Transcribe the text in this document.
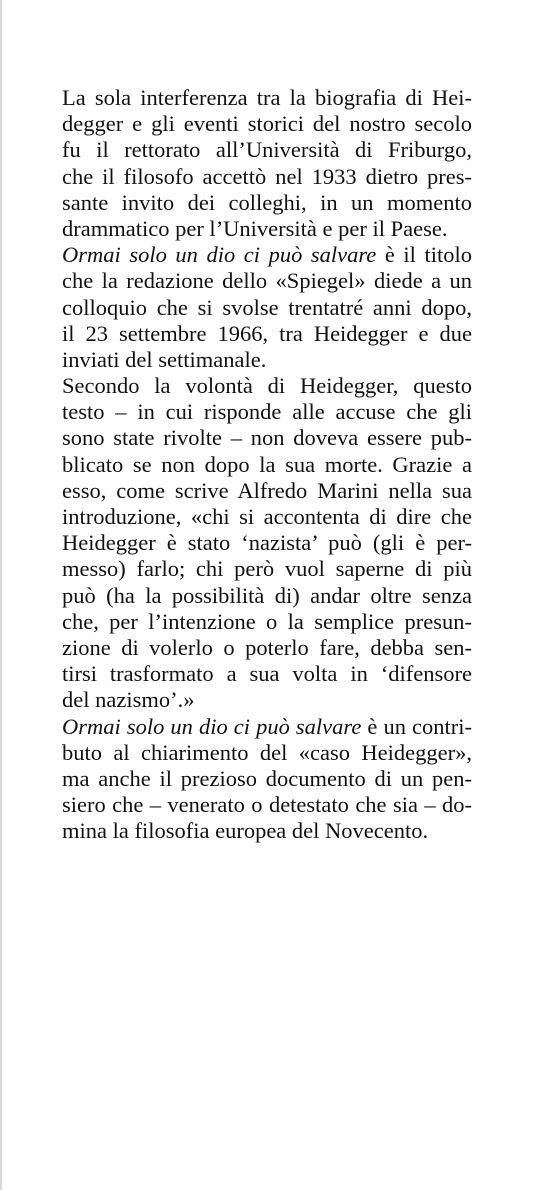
La sola interferenza tra la biografia di Hei-
degger e gli eventi storici del nostro secolo
fu il rettorato all’Università di Friburgo,
che il filosofo accettò nel 1933 dietro pres-
sante invito dei colleghi, in un momento
drammatico per l’Università e per il Paese.
Ormai solo un dio ci può salvare è il titolo
che la redazione dello «Spiegel» diede a un
colloquio che si svolse trentatré anni dopo,
il 23 settembre 1966, tra Heidegger e due
inviati del settimanale.
Secondo la volontà di Heidegger, questo
testo – in cui risponde alle accuse che gli
sono state rivolte – non doveva essere pub-
blicato se non dopo la sua morte. Grazie a
esso, come scrive Alfredo Marini nella sua
introduzione, «chi si accontenta di dire che
Heidegger è stato ‘nazista’ può (gli è per-
messo) farlo; chi però vuol saperne di più
può (ha la possibilità di) andar oltre senza
che, per l’intenzione o la semplice presun-
zione di volerlo o poterlo fare, debba sen-
tirsi trasformato a sua volta in ‘difensore
del nazismo’.»
Ormai solo un dio ci può salvare è un contri-
buto al chiarimento del «caso Heidegger»,
ma anche il prezioso documento di un pen-
siero che – venerato o detestato che sia – do-
mina la filosofia europea del Novecento.
